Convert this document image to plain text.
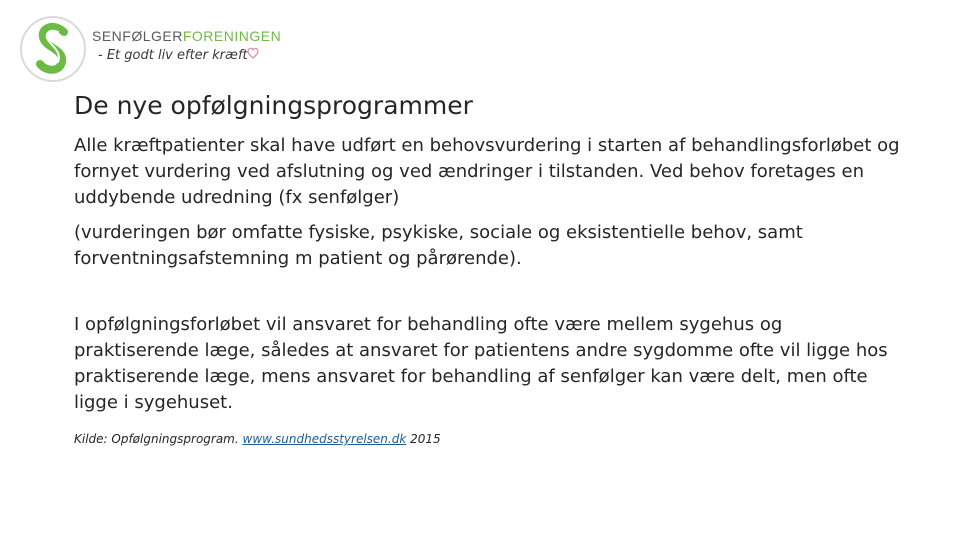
SENFØLGERFORENINGEN
- Et godt liv efter kræft
De nye opfølgningsprogrammer

Alle kræftpatienter skal have udført en behovsvurdering i starten af behandlingsforløbet og fornyet vurdering ved afslutning og ved ændringer i tilstanden. Ved behov foretages en uddybende udredning (fx senfølger)

(vurderingen bør omfatte fysiske, psykiske, sociale og eksistentielle behov, samt forventningsafstemning m patient og pårørende).

I opfølgningsforløbet vil ansvaret for behandling ofte være mellem sygehus og praktiserende læge, således at ansvaret for patientens andre sygdomme ofte vil ligge hos praktiserende læge, mens ansvaret for behandling af senfølger kan være delt, men ofte ligge i sygehuset.

Kilde: Opfølgningsprogram. www.sundhedsstyrelsen.dk 2015
